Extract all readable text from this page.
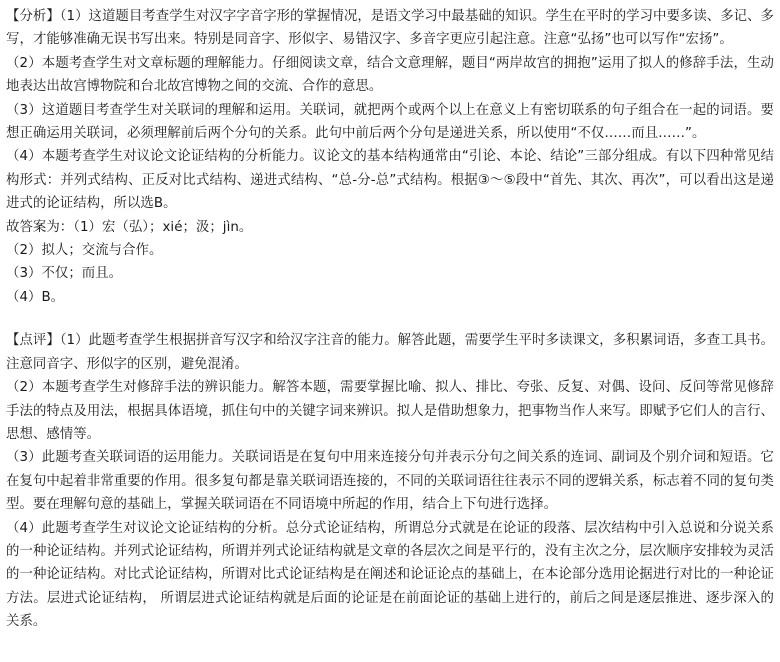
【分析】（1）这道题目考查学生对汉字字音字形的掌握情况，是语文学习中最基础的知识。学生在平时的学习中要多读、多记、多写，才能够准确无误书写出来。特别是同音字、形似字、易错汉字、多音字更应引起注意。注意“弘扬”也可以写作“宏扬”。

（2）本题考查学生对文章标题的理解能力。仔细阅读文章，结合文意理解，题目“两岸故宫的拥抱”运用了拟人的修辞手法，生动地表达出故宫博物院和台北故宫博物之间的交流、合作的意思。

（3）这道题目考查学生对关联词的理解和运用。关联词，就把两个或两个以上在意义上有密切联系的句子组合在一起的词语。要想正确运用关联词，必须理解前后两个分句的关系。此句中前后两个分句是递进关系，所以使用“不仅……而且……”。

（4）本题考查学生对议论文论证结构的分析能力。议论文的基本结构通常由“引论、本论、结论”三部分组成。有以下四种常见结构形式：并列式结构、正反对比式结构、递进式结构、“总-分-总”式结构。根据③～⑤段中“首先、其次、再次”，可以看出这是递进式的论证结构，所以选B。

故答案为：（1）宏（弘）；xié；汲；jìn。

（2）拟人；交流与合作。

（3）不仅；而且。

（4）B。

【点评】（1）此题考查学生根据拼音写汉字和给汉字注音的能力。解答此题，需要学生平时多读课文，多积累词语，多查工具书。注意同音字、形似字的区别，避免混淆。

（2）本题考查学生对修辞手法的辨识能力。解答本题，需要掌握比喻、拟人、排比、夸张、反复、对偶、设问、反问等常见修辞手法的特点及用法，根据具体语境，抓住句中的关键字词来辨识。拟人是借助想象力，把事物当作人来写。即赋予它们人的言行、思想、感情等。

（3）此题考查关联词语的运用能力。关联词语是在复句中用来连接分句并表示分句之间关系的连词、副词及个别介词和短语。它在复句中起着非常重要的作用。很多复句都是靠关联词语连接的，不同的关联词语往往表示不同的逻辑关系，标志着不同的复句类型。要在理解句意的基础上，掌握关联词语在不同语境中所起的作用，结合上下句进行选择。

（4）此题考查学生对议论文论证结构的分析。总分式论证结构，所谓总分式就是在论证的段落、层次结构中引入总说和分说关系的一种论证结构。并列式论证结构，所谓并列式论证结构就是文章的各层次之间是平行的，没有主次之分，层次顺序安排较为灵活的一种论证结构。对比式论证结构，所谓对比式论证结构是在阐述和论证论点的基础上，在本论部分选用论据进行对比的一种论证方法。层进式论证结构， 所谓层进式论证结构就是后面的论证是在前面论证的基础上进行的，前后之间是逐层推进、逐步深入的关系。
